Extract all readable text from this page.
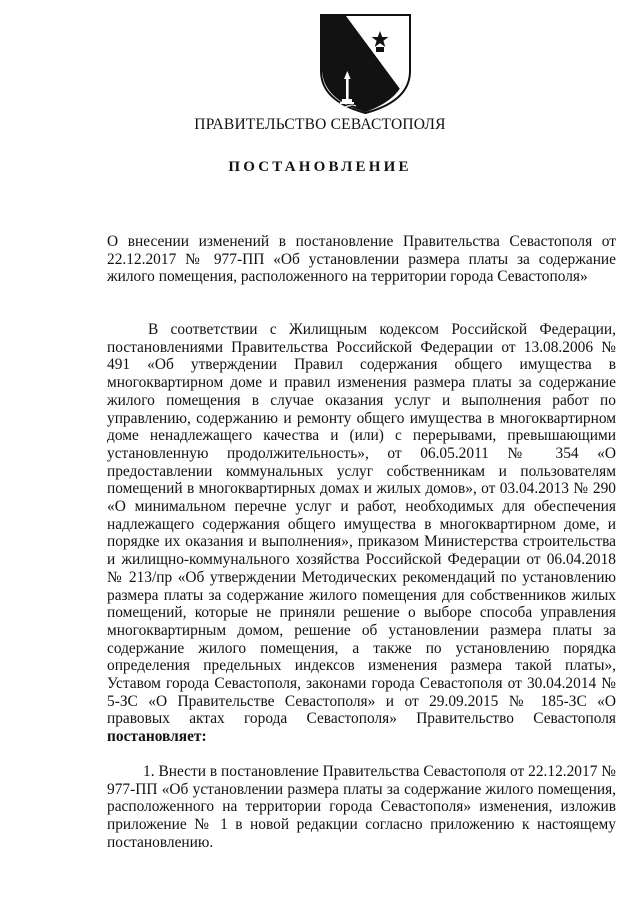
ПРАВИТЕЛЬСТВО СЕВАСТОПОЛЯ
ПОСТАНОВЛЕНИЕ

О внесении изменений в постановление Правительства Севастополя от 22.12.2017 № 977-ПП «Об установлении размера платы за содержание жилого помещения, расположенного на территории города Севастополя»

В соответствии с Жилищным кодексом Российской Федерации, постановлениями Правительства Российской Федерации от 13.08.2006 № 491 «Об утверждении Правил содержания общего имущества в многоквартирном доме и правил изменения размера платы за содержание жилого помещения в случае оказания услуг и выполнения работ по управлению, содержанию и ремонту общего имущества в многоквартирном доме ненадлежащего качества и (или) с перерывами, превышающими установленную продолжительность», от 06.05.2011 № 354 «О предоставлении коммунальных услуг собственникам и пользователям помещений в многоквартирных домах и жилых домов», от 03.04.2013 № 290 «О минимальном перечне услуг и работ, необходимых для обеспечения надлежащего содержания общего имущества в многоквартирном доме, и порядке их оказания и выполнения», приказом Министерства строительства и жилищно-коммунального хозяйства Российской Федерации от 06.04.2018 № 213/пр «Об утверждении Методических рекомендаций по установлению размера платы за содержание жилого помещения для собственников жилых помещений, которые не приняли решение о выборе способа управления многоквартирным домом, решение об установлении размера платы за содержание жилого помещения, а также по установлению порядка определения предельных индексов изменения размера такой платы», Уставом города Севастополя, законами города Севастополя от 30.04.2014 № 5-ЗС «О Правительстве Севастополя» и от 29.09.2015 № 185-ЗС «О правовых актах города Севастополя» Правительство Севастополя постановляет:

1. Внести в постановление Правительства Севастополя от 22.12.2017 № 977-ПП «Об установлении размера платы за содержание жилого помещения, расположенного на территории города Севастополя» изменения, изложив приложение № 1 в новой редакции согласно приложению к настоящему постановлению.
